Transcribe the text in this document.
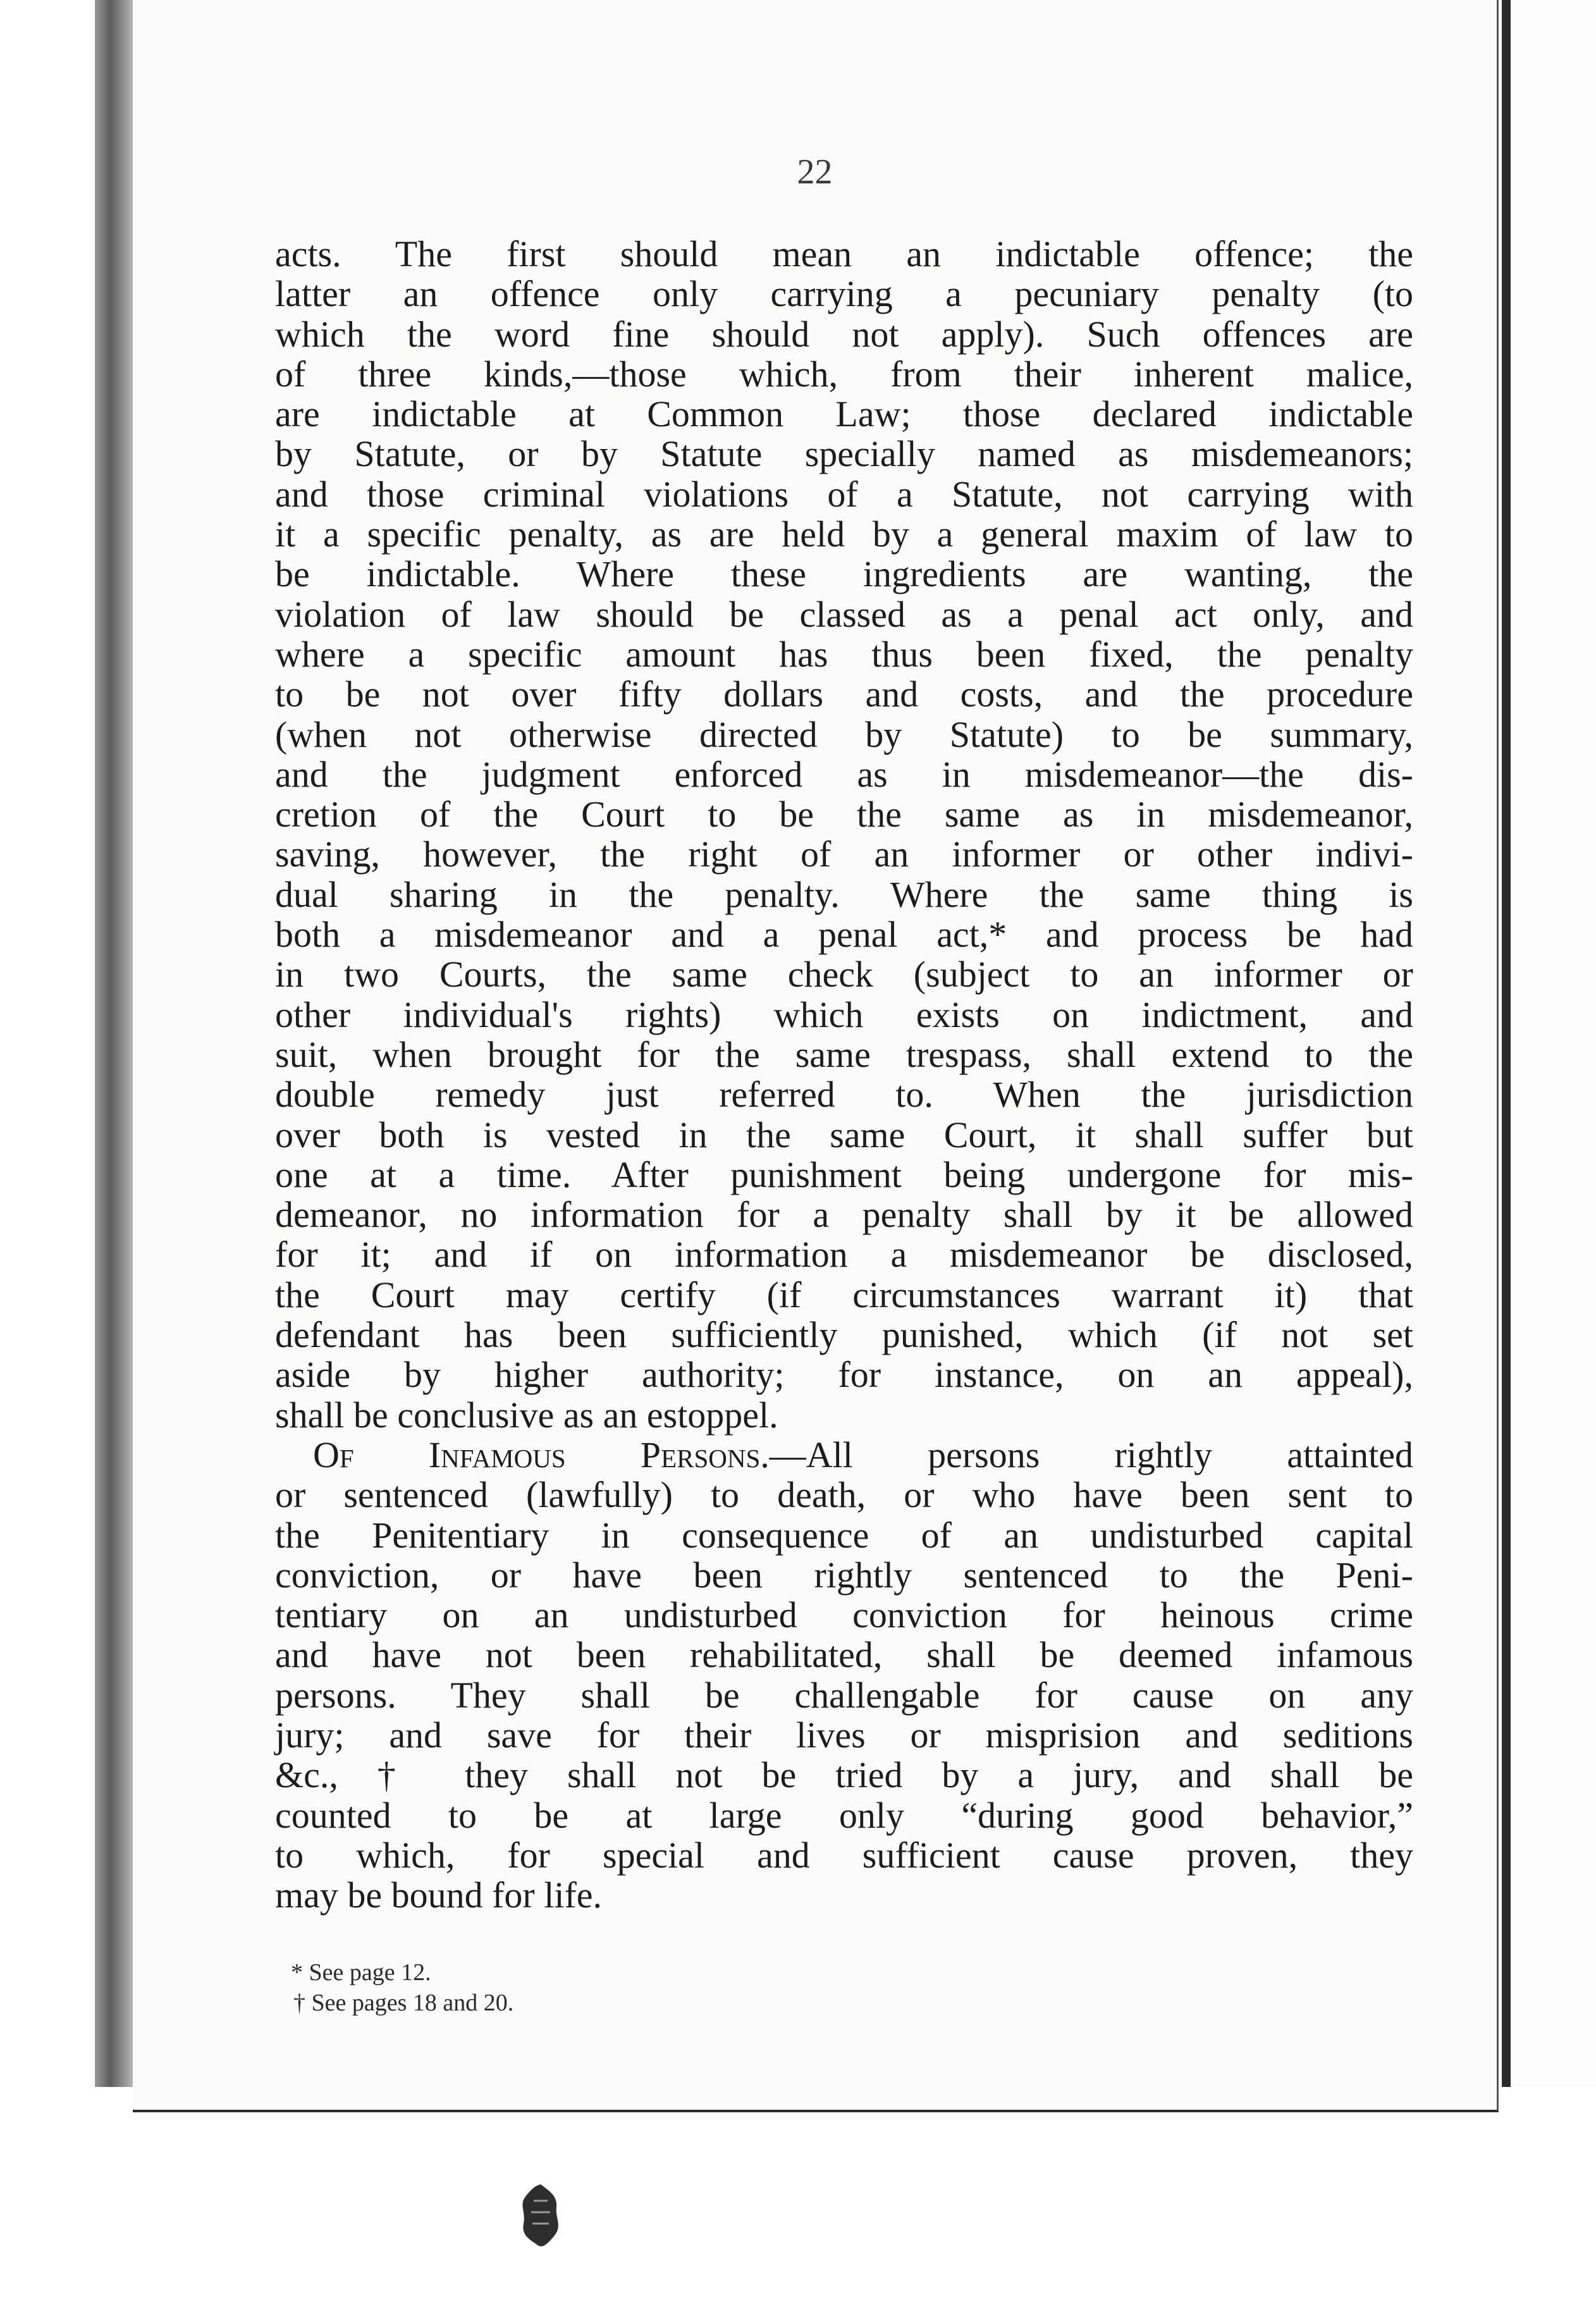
22
acts. The first should mean an indictable offence; the
latter an offence only carrying a pecuniary penalty (to
which the word fine should not apply). Such offences are
of three kinds,—those which, from their inherent malice,
are indictable at Common Law; those declared indictable
by Statute, or by Statute specially named as misdemeanors;
and those criminal violations of a Statute, not carrying with
it a specific penalty, as are held by a general maxim of law to
be indictable. Where these ingredients are wanting, the
violation of law should be classed as a penal act only, and
where a specific amount has thus been fixed, the penalty
to be not over fifty dollars and costs, and the procedure
(when not otherwise directed by Statute) to be summary,
and the judgment enforced as in misdemeanor—the dis-
cretion of the Court to be the same as in misdemeanor,
saving, however, the right of an informer or other indivi-
dual sharing in the penalty. Where the same thing is
both a misdemeanor and a penal act,* and process be had
in two Courts, the same check (subject to an informer or
other individual's rights) which exists on indictment, and
suit, when brought for the same trespass, shall extend to the
double remedy just referred to. When the jurisdiction
over both is vested in the same Court, it shall suffer but
one at a time. After punishment being undergone for mis-
demeanor, no information for a penalty shall by it be allowed
for it; and if on information a misdemeanor be disclosed,
the Court may certify (if circumstances warrant it) that
defendant has been sufficiently punished, which (if not set
aside by higher authority; for instance, on an appeal),
shall be conclusive as an estoppel.
Of Infamous Persons.—All persons rightly attainted
or sentenced (lawfully) to death, or who have been sent to
the Penitentiary in consequence of an undisturbed capital
conviction, or have been rightly sentenced to the Peni-
tentiary on an undisturbed conviction for heinous crime
and have not been rehabilitated, shall be deemed infamous
persons. They shall be challengable for cause on any
jury; and save for their lives or misprision and seditions
&c., † they shall not be tried by a jury, and shall be
counted to be at large only “during good behavior,”
to which, for special and sufficient cause proven, they
may be bound for life.
* See page 12.
† See pages 18 and 20.
